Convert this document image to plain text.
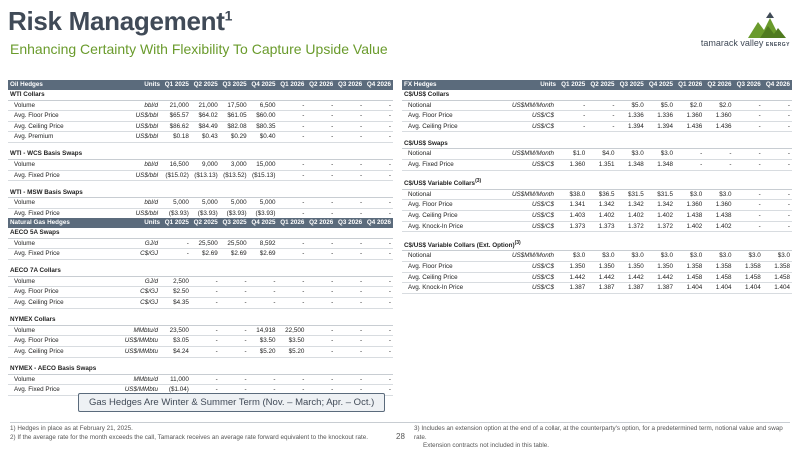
Risk Management$^1$
Enhancing Certainty With Flexibility To Capture Upside Value	tamarack valley ENERGY
Oil Hedges	Units	Q1 2025	Q2 2025	Q3 2025	Q4 2025	Q1 2026	Q2 2026	Q3 2026	Q4 2026
WTI Collars									
Volume	bbl/d	21,000	21,000	17,500	6,500	-	-	-	-
Avg. Floor Price	US$/bbl	$65.57	$64.02	$61.05	$60.00	-	-	-	-
Avg. Ceiling Price	US$/bbl	$86.62	$84.49	$82.08	$80.35	-	-	-	-
Avg. Premium	US$/bbl	$0.18	$0.43	$0.29	$0.40	-	-	-	-

WTI - WCS Basis Swaps									
Volume	bbl/d	16,500	9,000	3,000	15,000	-	-	-	-
Avg. Fixed Price	US$/bbl	($15.02)	($13.13)	($13.52)	($15.13)	-	-	-	-

WTI - MSW Basis Swaps									
Volume	bbl/d	5,000	5,000	5,000	5,000	-	-	-	-
Avg. Fixed Price	US$/bbl	($3.93)	($3.93)	($3.93)	($3.93)	-	-	-	-
Natural Gas Hedges	Units	Q1 2025	Q2 2025	Q3 2025	Q4 2025	Q1 2026	Q2 2026	Q3 2026	Q4 2026
AECO 5A Swaps									
Volume	GJ/d	-	25,500	25,500	8,592	-	-	-	-
Avg. Fixed Price	C$/GJ	-	$2.69	$2.69	$2.69	-	-	-	-

AECO 7A Collars									
Volume	GJ/d	2,500	-	-	-	-	-	-	-
Avg. Floor Price	C$/GJ	$2.50	-	-	-	-	-	-	-
Avg. Ceiling Price	C$/GJ	$4.35	-	-	-	-	-	-	-

NYMEX Collars									
Volume	MMbtu/d	23,500	-	-	14,918	22,500	-	-	-
Avg. Floor Price	US$/MMbtu	$3.05	-	-	$3.50	$3.50	-	-	-
Avg. Ceiling Price	US$/MMbtu	$4.24	-	-	$5.20	$5.20	-	-	-

NYMEX - AECO Basis Swaps									
Volume	MMbtu/d	11,000	-	-	-	-	-	-	-
Avg. Fixed Price	US$/MMbtu	($1.04)	-	-	-	-	-	-	-
FX Hedges	Units	Q1 2025	Q2 2025	Q3 2025	Q4 2025	Q1 2026	Q2 2026	Q3 2026	Q4 2026
C$/US$ Collars									
Notional	US$MM/Month	-	-	$5.0	$5.0	$2.0	$2.0	-	-
Avg. Floor Price	US$/C$	-	-	1.336	1.336	1.360	1.360	-	-
Avg. Ceiling Price	US$/C$	-	-	1.394	1.394	1.436	1.436	-	-

C$/US$ Swaps									
Notional	US$MM/Month	$1.0	$4.0	$3.0	$3.0	-	-	-	-
Avg. Fixed Price	US$/C$	1.360	1.351	1.348	1.348	-	-	-	-

C$/US$ Variable Collars$^{(3)}$
Notional	US$MM/Month	$38.0	$36.5	$31.5	$31.5	$3.0	$3.0	-	-
Avg. Floor Price	US$/C$	1.341	1.342	1.342	1.342	1.360	1.360	-	-
Avg. Ceiling Price	US$/C$	1.403	1.402	1.402	1.402	1.438	1.438	-	-
Avg. Knock-In Price	US$/C$	1.373	1.373	1.372	1.372	1.402	1.402	-	-

C$/US$ Variable Collars (Ext. Option)$^{(3)}$
Notional	US$MM/Month	$3.0	$3.0	$3.0	$3.0	$3.0	$3.0	$3.0	$3.0
Avg. Floor Price	US$/C$	1.350	1.350	1.350	1.350	1.358	1.358	1.358	1.358
Avg. Ceiling Price	US$/C$	1.442	1.442	1.442	1.442	1.458	1.458	1.458	1.458
Avg. Knock-In Price	US$/C$	1.387	1.387	1.387	1.387	1.404	1.404	1.404	1.404
Gas Hedges Are Winter & Summer Term (Nov. – March; Apr. – Oct.)
1) Hedges in place as at February 21, 2025.
2) If the average rate for the month exceeds the call, Tamarack receives an average rate forward equivalent to the knockout rate.	28
3) Includes an extension option at the end of a collar, at the counterparty's option, for a predetermined term, notional value and swap rate.
Extension contracts not included in this table.
